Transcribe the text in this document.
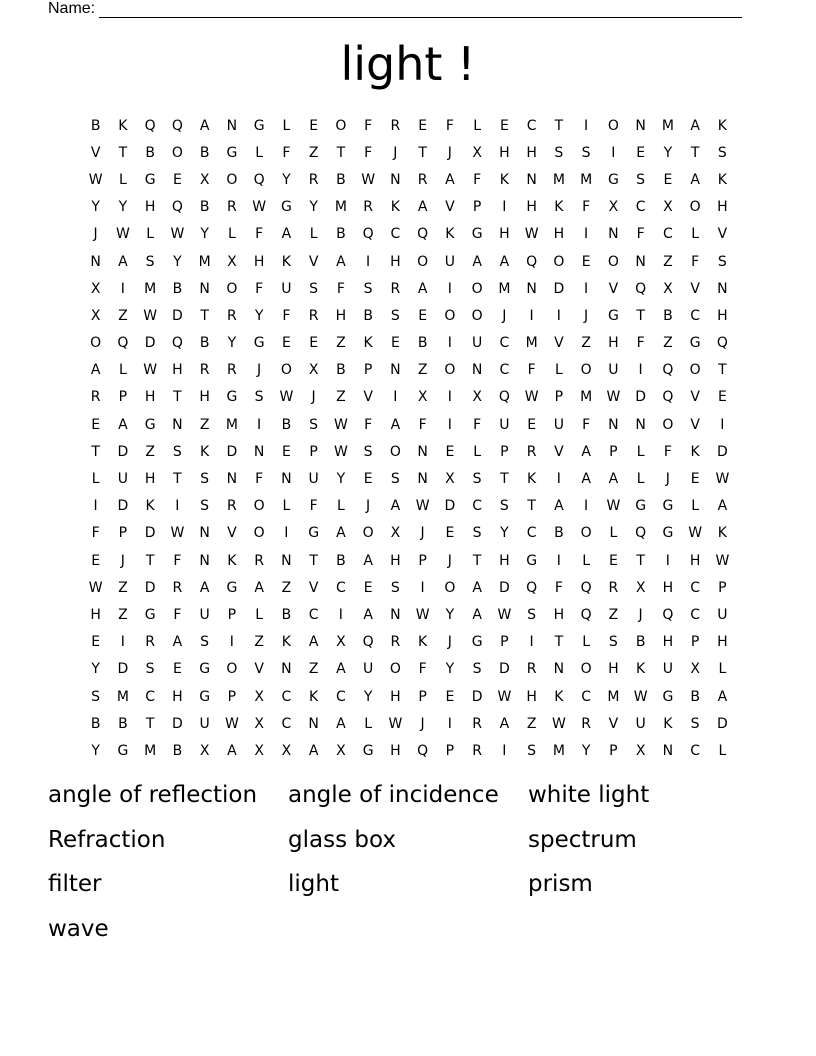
Name:
light !
B	K	Q	Q	A	N	G	L	E	O	F	R	E	F	L	E	C	T	I	O	N	M	A	K
V	T	B	O	B	G	L	F	Z	T	F	J	T	J	X	H	H	S	S	I	E	Y	T	S
W	L	G	E	X	O	Q	Y	R	B	W	N	R	A	F	K	N	M	M	G	S	E	A	K
Y	Y	H	Q	B	R	W	G	Y	M	R	K	A	V	P	I	H	K	F	X	C	X	O	H
J	W	L	W	Y	L	F	A	L	B	Q	C	Q	K	G	H	W	H	I	N	F	C	L	V
N	A	S	Y	M	X	H	K	V	A	I	H	O	U	A	A	Q	O	E	O	N	Z	F	S
X	I	M	B	N	O	F	U	S	F	S	R	A	I	O	M	N	D	I	V	Q	X	V	N
X	Z	W	D	T	R	Y	F	R	H	B	S	E	O	O	J	I	I	J	G	T	B	C	H
O	Q	D	Q	B	Y	G	E	E	Z	K	E	B	I	U	C	M	V	Z	H	F	Z	G	Q
A	L	W	H	R	R	J	O	X	B	P	N	Z	O	N	C	F	L	O	U	I	Q	O	T
R	P	H	T	H	G	S	W	J	Z	V	I	X	I	X	Q	W	P	M	W	D	Q	V	E
E	A	G	N	Z	M	I	B	S	W	F	A	F	I	F	U	E	U	F	N	N	O	V	I
T	D	Z	S	K	D	N	E	P	W	S	O	N	E	L	P	R	V	A	P	L	F	K	D
L	U	H	T	S	N	F	N	U	Y	E	S	N	X	S	T	K	I	A	A	L	J	E	W
I	D	K	I	S	R	O	L	F	L	J	A	W	D	C	S	T	A	I	W	G	G	L	A
F	P	D	W	N	V	O	I	G	A	O	X	J	E	S	Y	C	B	O	L	Q	G	W	K
E	J	T	F	N	K	R	N	T	B	A	H	P	J	T	H	G	I	L	E	T	I	H	W
W	Z	D	R	A	G	A	Z	V	C	E	S	I	O	A	D	Q	F	Q	R	X	H	C	P
H	Z	G	F	U	P	L	B	C	I	A	N	W	Y	A	W	S	H	Q	Z	J	Q	C	U
E	I	R	A	S	I	Z	K	A	X	Q	R	K	J	G	P	I	T	L	S	B	H	P	H
Y	D	S	E	G	O	V	N	Z	A	U	O	F	Y	S	D	R	N	O	H	K	U	X	L
S	M	C	H	G	P	X	C	K	C	Y	H	P	E	D	W	H	K	C	M	W	G	B	A
B	B	T	D	U	W	X	C	N	A	L	W	J	I	R	A	Z	W	R	V	U	K	S	D
Y	G	M	B	X	A	X	X	A	X	G	H	Q	P	R	I	S	M	Y	P	X	N	C	L
angle of reflection	angle of incidence	white light
Refraction	glass box	spectrum
filter	light	prism
wave
